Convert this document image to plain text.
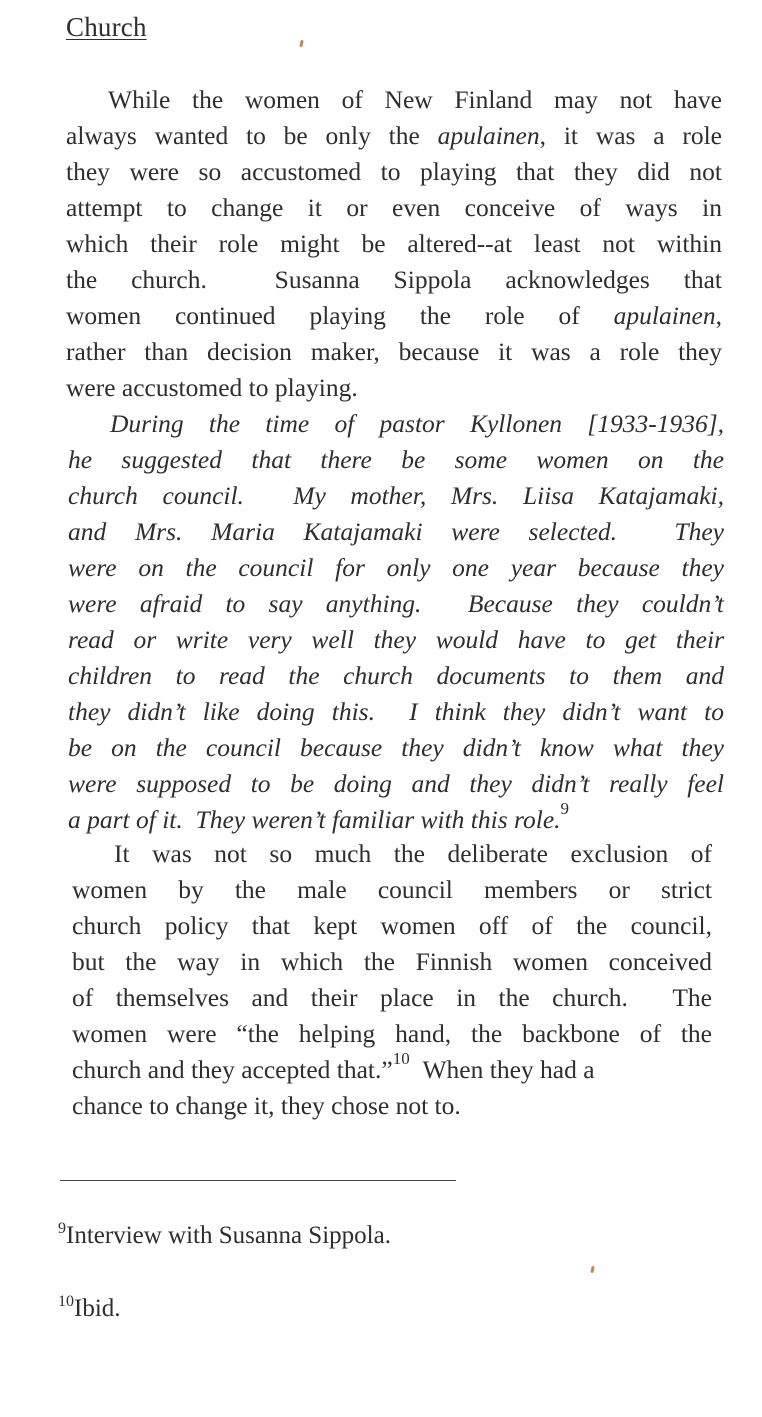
Church

While the women of New Finland may not have
always wanted to be only the apulainen, it was a role
they were so accustomed to playing that they did not
attempt to change it or even conceive of ways in
which their role might be altered--at least not within
the church.  Susanna Sippola acknowledges that
women continued playing the role of apulainen,
rather than decision maker, because it was a role they
were accustomed to playing.

During the time of pastor Kyllonen [1933-1936],
he suggested that there be some women on the
church council.  My mother, Mrs. Liisa Katajamaki,
and Mrs. Maria Katajamaki were selected.  They
were on the council for only one year because they
were afraid to say anything.  Because they couldn’t
read or write very well they would have to get their
children to read the church documents to them and
they didn’t like doing this.  I think they didn’t want to
be on the council because they didn’t know what they
were supposed to be doing and they didn’t really feel
a part of it.  They weren’t familiar with this role.$^9$

It was not so much the deliberate exclusion of
women by the male council members or strict
church policy that kept women off of the council,
but the way in which the Finnish women conceived
of themselves and their place in the church.  The
women were “the helping hand, the backbone of the
church and they accepted that.”$^{10}$ When they had a
chance to change it, they chose not to.

$^9$Interview with Susanna Sippola.
$^{10}$Ibid.
